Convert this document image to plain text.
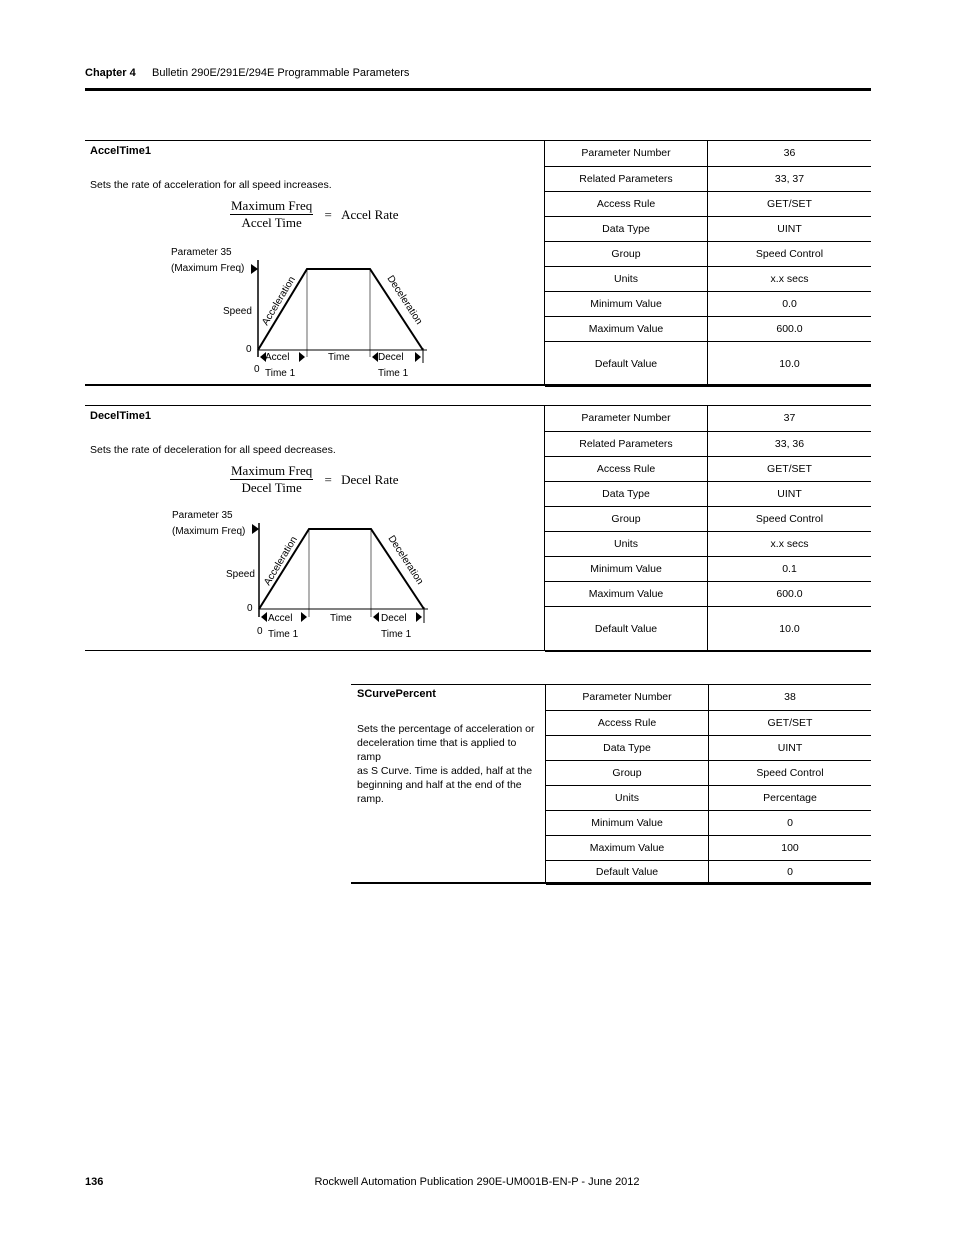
Chapter 4 Bulletin 290E/291E/294E Programmable Parameters
AccelTime1
Sets the rate of acceleration for all speed increases.
$\frac{\text{Maximum Freq}}{\text{Accel Time}}$ = Accel Rate
Parameter 35
(Maximum Freq)
Speed
0
0
Accel
Time 1
Time	Decel
Time 1
Acceleration	Deceleration
Parameter Number	36
Related Parameters	33, 37
Access Rule	GET/SET
Data Type	UINT
Group	Speed Control
Units	x.x secs
Minimum Value	0.0
Maximum Value	600.0
Default Value	10.0
DecelTime1
Sets the rate of deceleration for all speed decreases.
$\frac{\text{Maximum Freq}}{\text{Decel Time}}$ = Decel Rate
Parameter 35
(Maximum Freq)
Speed
0
0
Accel
Time 1
Time	Decel
Time 1
Acceleration	Deceleration
Parameter Number	37
Related Parameters	33, 36
Access Rule	GET/SET
Data Type	UINT
Group	Speed Control
Units	x.x secs
Minimum Value	0.1
Maximum Value	600.0
Default Value	10.0
SCurvePercent
Sets the percentage of acceleration or
deceleration time that is applied to ramp
as S Curve. Time is added, half at the
beginning and half at the end of the ramp.
Parameter Number	38
Access Rule	GET/SET
Data Type	UINT
Group	Speed Control
Units	Percentage
Minimum Value	0
Maximum Value	100
Default Value	0
136	Rockwell Automation Publication 290E-UM001B-EN-P - June 2012
